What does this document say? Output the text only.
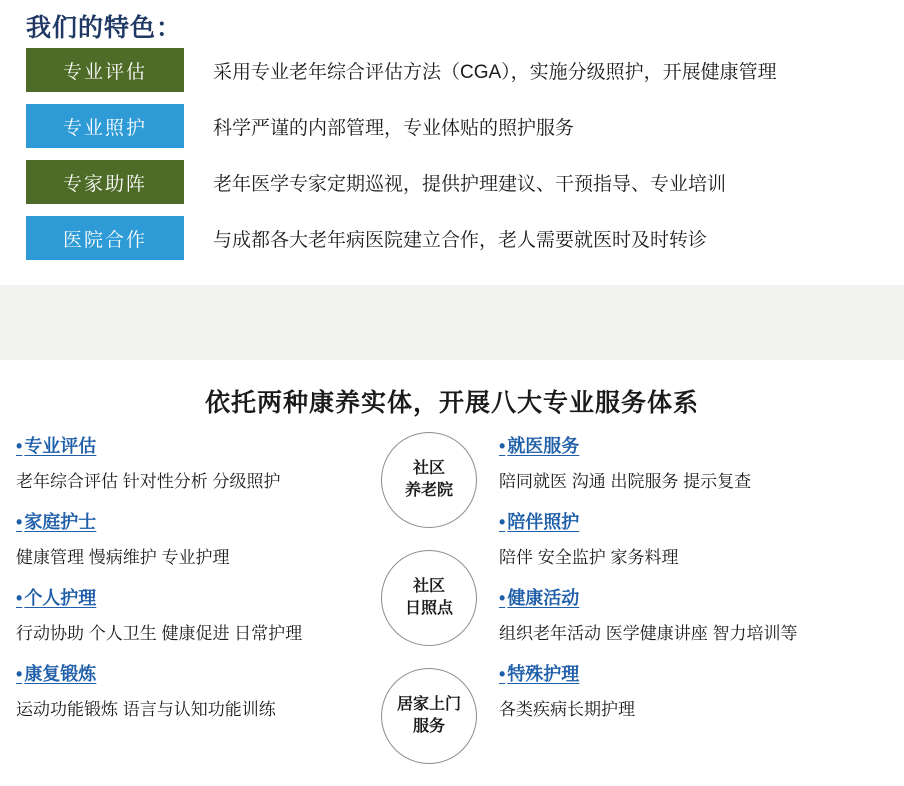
我们的特色：
专业评估	采用专业老年综合评估方法（CGA），实施分级照护，开展健康管理
专业照护	科学严谨的内部管理，专业体贴的照护服务
专家助阵	老年医学专家定期巡视，提供护理建议、干预指导、专业培训
医院合作	与成都各大老年病医院建立合作，老人需要就医时及时转诊
依托两种康养实体，开展八大专业服务体系
社区
养老院
社区
日照点
居家上门
服务
• 专业评估
老年综合评估 针对性分析 分级照护
• 家庭护士
健康管理 慢病维护 专业护理
• 个人护理
行动协助 个人卫生 健康促进 日常护理
• 康复锻炼
运动功能锻炼 语言与认知功能训练
• 就医服务
陪同就医 沟通 出院服务 提示复查
• 陪伴照护
陪伴 安全监护 家务料理
• 健康活动
组织老年活动 医学健康讲座 智力培训等
• 特殊护理
各类疾病长期护理
